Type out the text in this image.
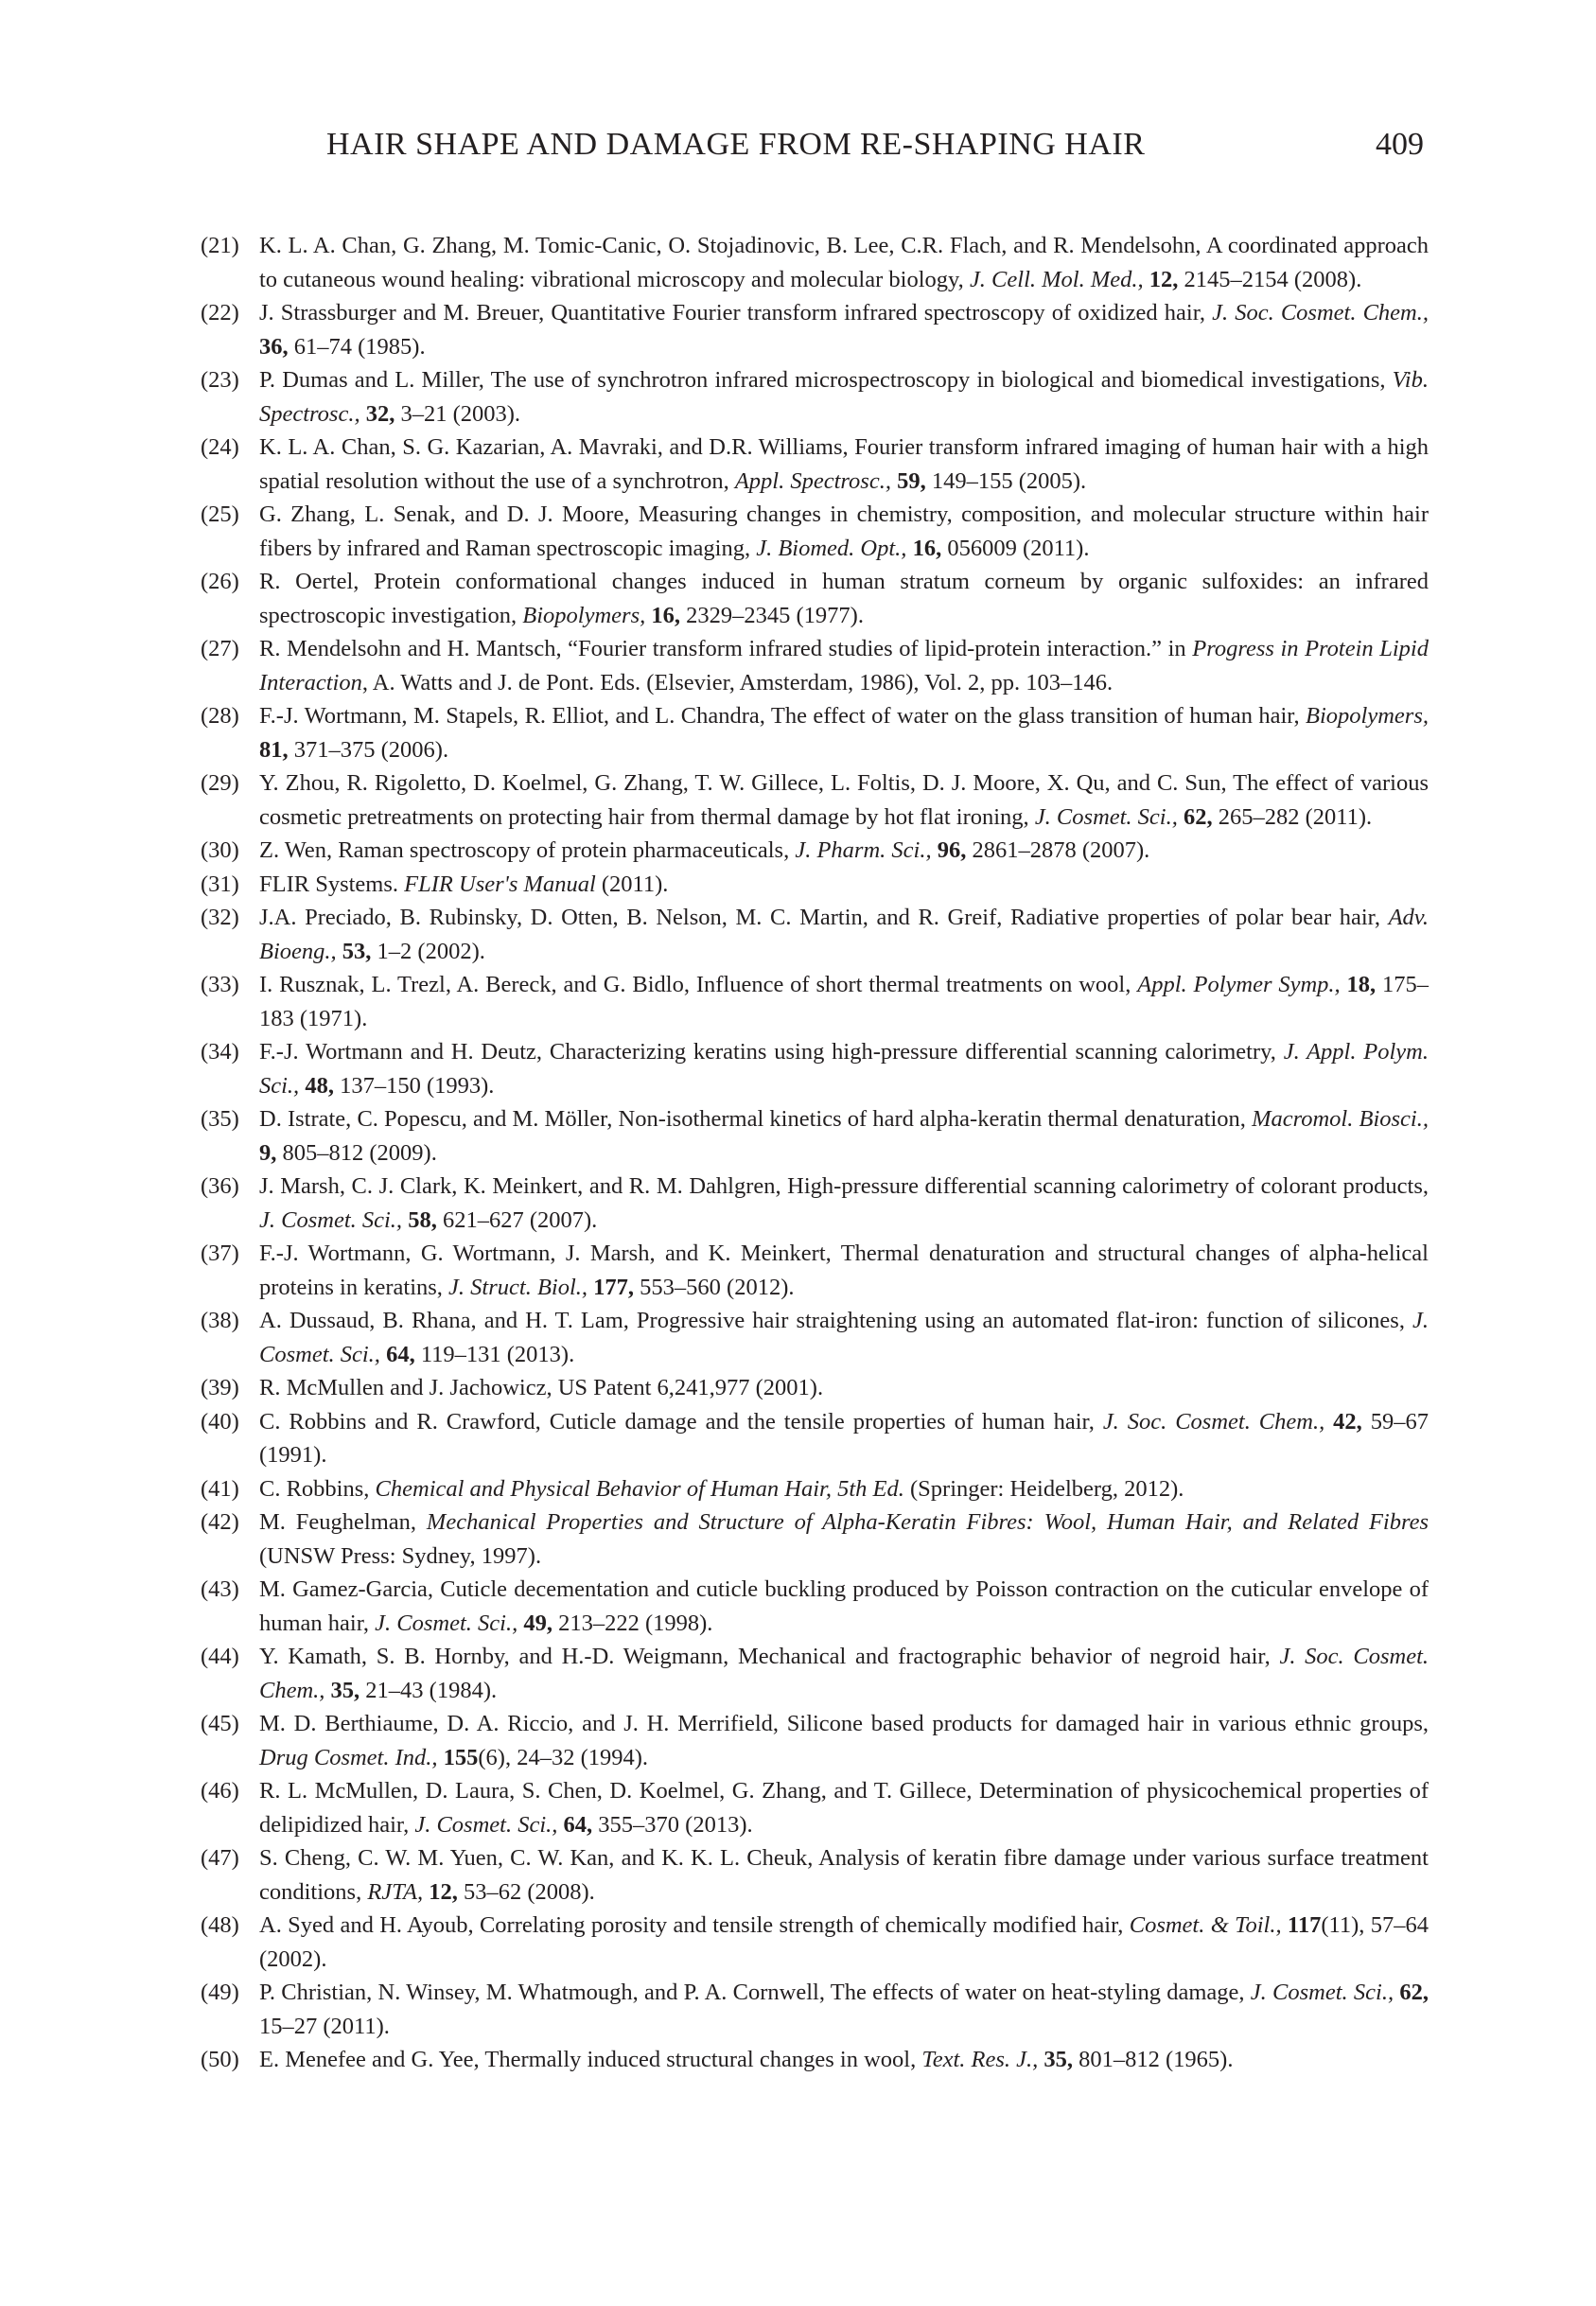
HAIR SHAPE AND DAMAGE FROM RE-SHAPING HAIR	409

(21) K. L. A. Chan, G. Zhang, M. Tomic-Canic, O. Stojadinovic, B. Lee, C.R. Flach, and R. Mendelsohn, A coordinated approach to cutaneous wound healing: vibrational microscopy and molecular biology, J. Cell. Mol. Med., 12, 2145–2154 (2008).

(22) J. Strassburger and M. Breuer, Quantitative Fourier transform infrared spectroscopy of oxidized hair, J. Soc. Cosmet. Chem., 36, 61–74 (1985).

(23) P. Dumas and L. Miller, The use of synchrotron infrared microspectroscopy in biological and biomedical investigations, Vib. Spectrosc., 32, 3–21 (2003).

(24) K. L. A. Chan, S. G. Kazarian, A. Mavraki, and D.R. Williams, Fourier transform infrared imaging of human hair with a high spatial resolution without the use of a synchrotron, Appl. Spectrosc., 59, 149–155 (2005).

(25) G. Zhang, L. Senak, and D. J. Moore, Measuring changes in chemistry, composition, and molecular structure within hair fibers by infrared and Raman spectroscopic imaging, J. Biomed. Opt., 16, 056009 (2011).

(26) R. Oertel, Protein conformational changes induced in human stratum corneum by organic sulfoxides: an infrared spectroscopic investigation, Biopolymers, 16, 2329–2345 (1977).

(27) R. Mendelsohn and H. Mantsch, “Fourier transform infrared studies of lipid-protein interaction.” in Progress in Protein Lipid Interaction, A. Watts and J. de Pont. Eds. (Elsevier, Amsterdam, 1986), Vol. 2, pp. 103–146.

(28) F.-J. Wortmann, M. Stapels, R. Elliot, and L. Chandra, The effect of water on the glass transition of human hair, Biopolymers, 81, 371–375 (2006).

(29) Y. Zhou, R. Rigoletto, D. Koelmel, G. Zhang, T. W. Gillece, L. Foltis, D. J. Moore, X. Qu, and C. Sun, The effect of various cosmetic pretreatments on protecting hair from thermal damage by hot flat ironing, J. Cosmet. Sci., 62, 265–282 (2011).

(30) Z. Wen, Raman spectroscopy of protein pharmaceuticals, J. Pharm. Sci., 96, 2861–2878 (2007).

(31) FLIR Systems. FLIR User's Manual (2011).

(32) J.A. Preciado, B. Rubinsky, D. Otten, B. Nelson, M. C. Martin, and R. Greif, Radiative properties of polar bear hair, Adv. Bioeng., 53, 1–2 (2002).

(33) I. Rusznak, L. Trezl, A. Bereck, and G. Bidlo, Influence of short thermal treatments on wool, Appl. Polymer Symp., 18, 175–183 (1971).

(34) F.-J. Wortmann and H. Deutz, Characterizing keratins using high-pressure differential scanning calorimetry, J. Appl. Polym. Sci., 48, 137–150 (1993).

(35) D. Istrate, C. Popescu, and M. Möller, Non-isothermal kinetics of hard alpha-keratin thermal denaturation, Macromol. Biosci., 9, 805–812 (2009).

(36) J. Marsh, C. J. Clark, K. Meinkert, and R. M. Dahlgren, High-pressure differential scanning calorimetry of colorant products, J. Cosmet. Sci., 58, 621–627 (2007).

(37) F.-J. Wortmann, G. Wortmann, J. Marsh, and K. Meinkert, Thermal denaturation and structural changes of alpha-helical proteins in keratins, J. Struct. Biol., 177, 553–560 (2012).

(38) A. Dussaud, B. Rhana, and H. T. Lam, Progressive hair straightening using an automated flat-iron: function of silicones, J. Cosmet. Sci., 64, 119–131 (2013).

(39) R. McMullen and J. Jachowicz, US Patent 6,241,977 (2001).

(40) C. Robbins and R. Crawford, Cuticle damage and the tensile properties of human hair, J. Soc. Cosmet. Chem., 42, 59–67 (1991).

(41) C. Robbins, Chemical and Physical Behavior of Human Hair, 5th Ed. (Springer: Heidelberg, 2012).

(42) M. Feughelman, Mechanical Properties and Structure of Alpha-Keratin Fibres: Wool, Human Hair, and Related Fibres (UNSW Press: Sydney, 1997).

(43) M. Gamez-Garcia, Cuticle decementation and cuticle buckling produced by Poisson contraction on the cuticular envelope of human hair, J. Cosmet. Sci., 49, 213–222 (1998).

(44) Y. Kamath, S. B. Hornby, and H.-D. Weigmann, Mechanical and fractographic behavior of negroid hair, J. Soc. Cosmet. Chem., 35, 21–43 (1984).

(45) M. D. Berthiaume, D. A. Riccio, and J. H. Merrifield, Silicone based products for damaged hair in various ethnic groups, Drug Cosmet. Ind., 155(6), 24–32 (1994).

(46) R. L. McMullen, D. Laura, S. Chen, D. Koelmel, G. Zhang, and T. Gillece, Determination of physicochemical properties of delipidized hair, J. Cosmet. Sci., 64, 355–370 (2013).

(47) S. Cheng, C. W. M. Yuen, C. W. Kan, and K. K. L. Cheuk, Analysis of keratin fibre damage under various surface treatment conditions, RJTA, 12, 53–62 (2008).

(48) A. Syed and H. Ayoub, Correlating porosity and tensile strength of chemically modified hair, Cosmet. & Toil., 117(11), 57–64 (2002).

(49) P. Christian, N. Winsey, M. Whatmough, and P. A. Cornwell, The effects of water on heat-styling damage, J. Cosmet. Sci., 62, 15–27 (2011).

(50) E. Menefee and G. Yee, Thermally induced structural changes in wool, Text. Res. J., 35, 801–812 (1965).
